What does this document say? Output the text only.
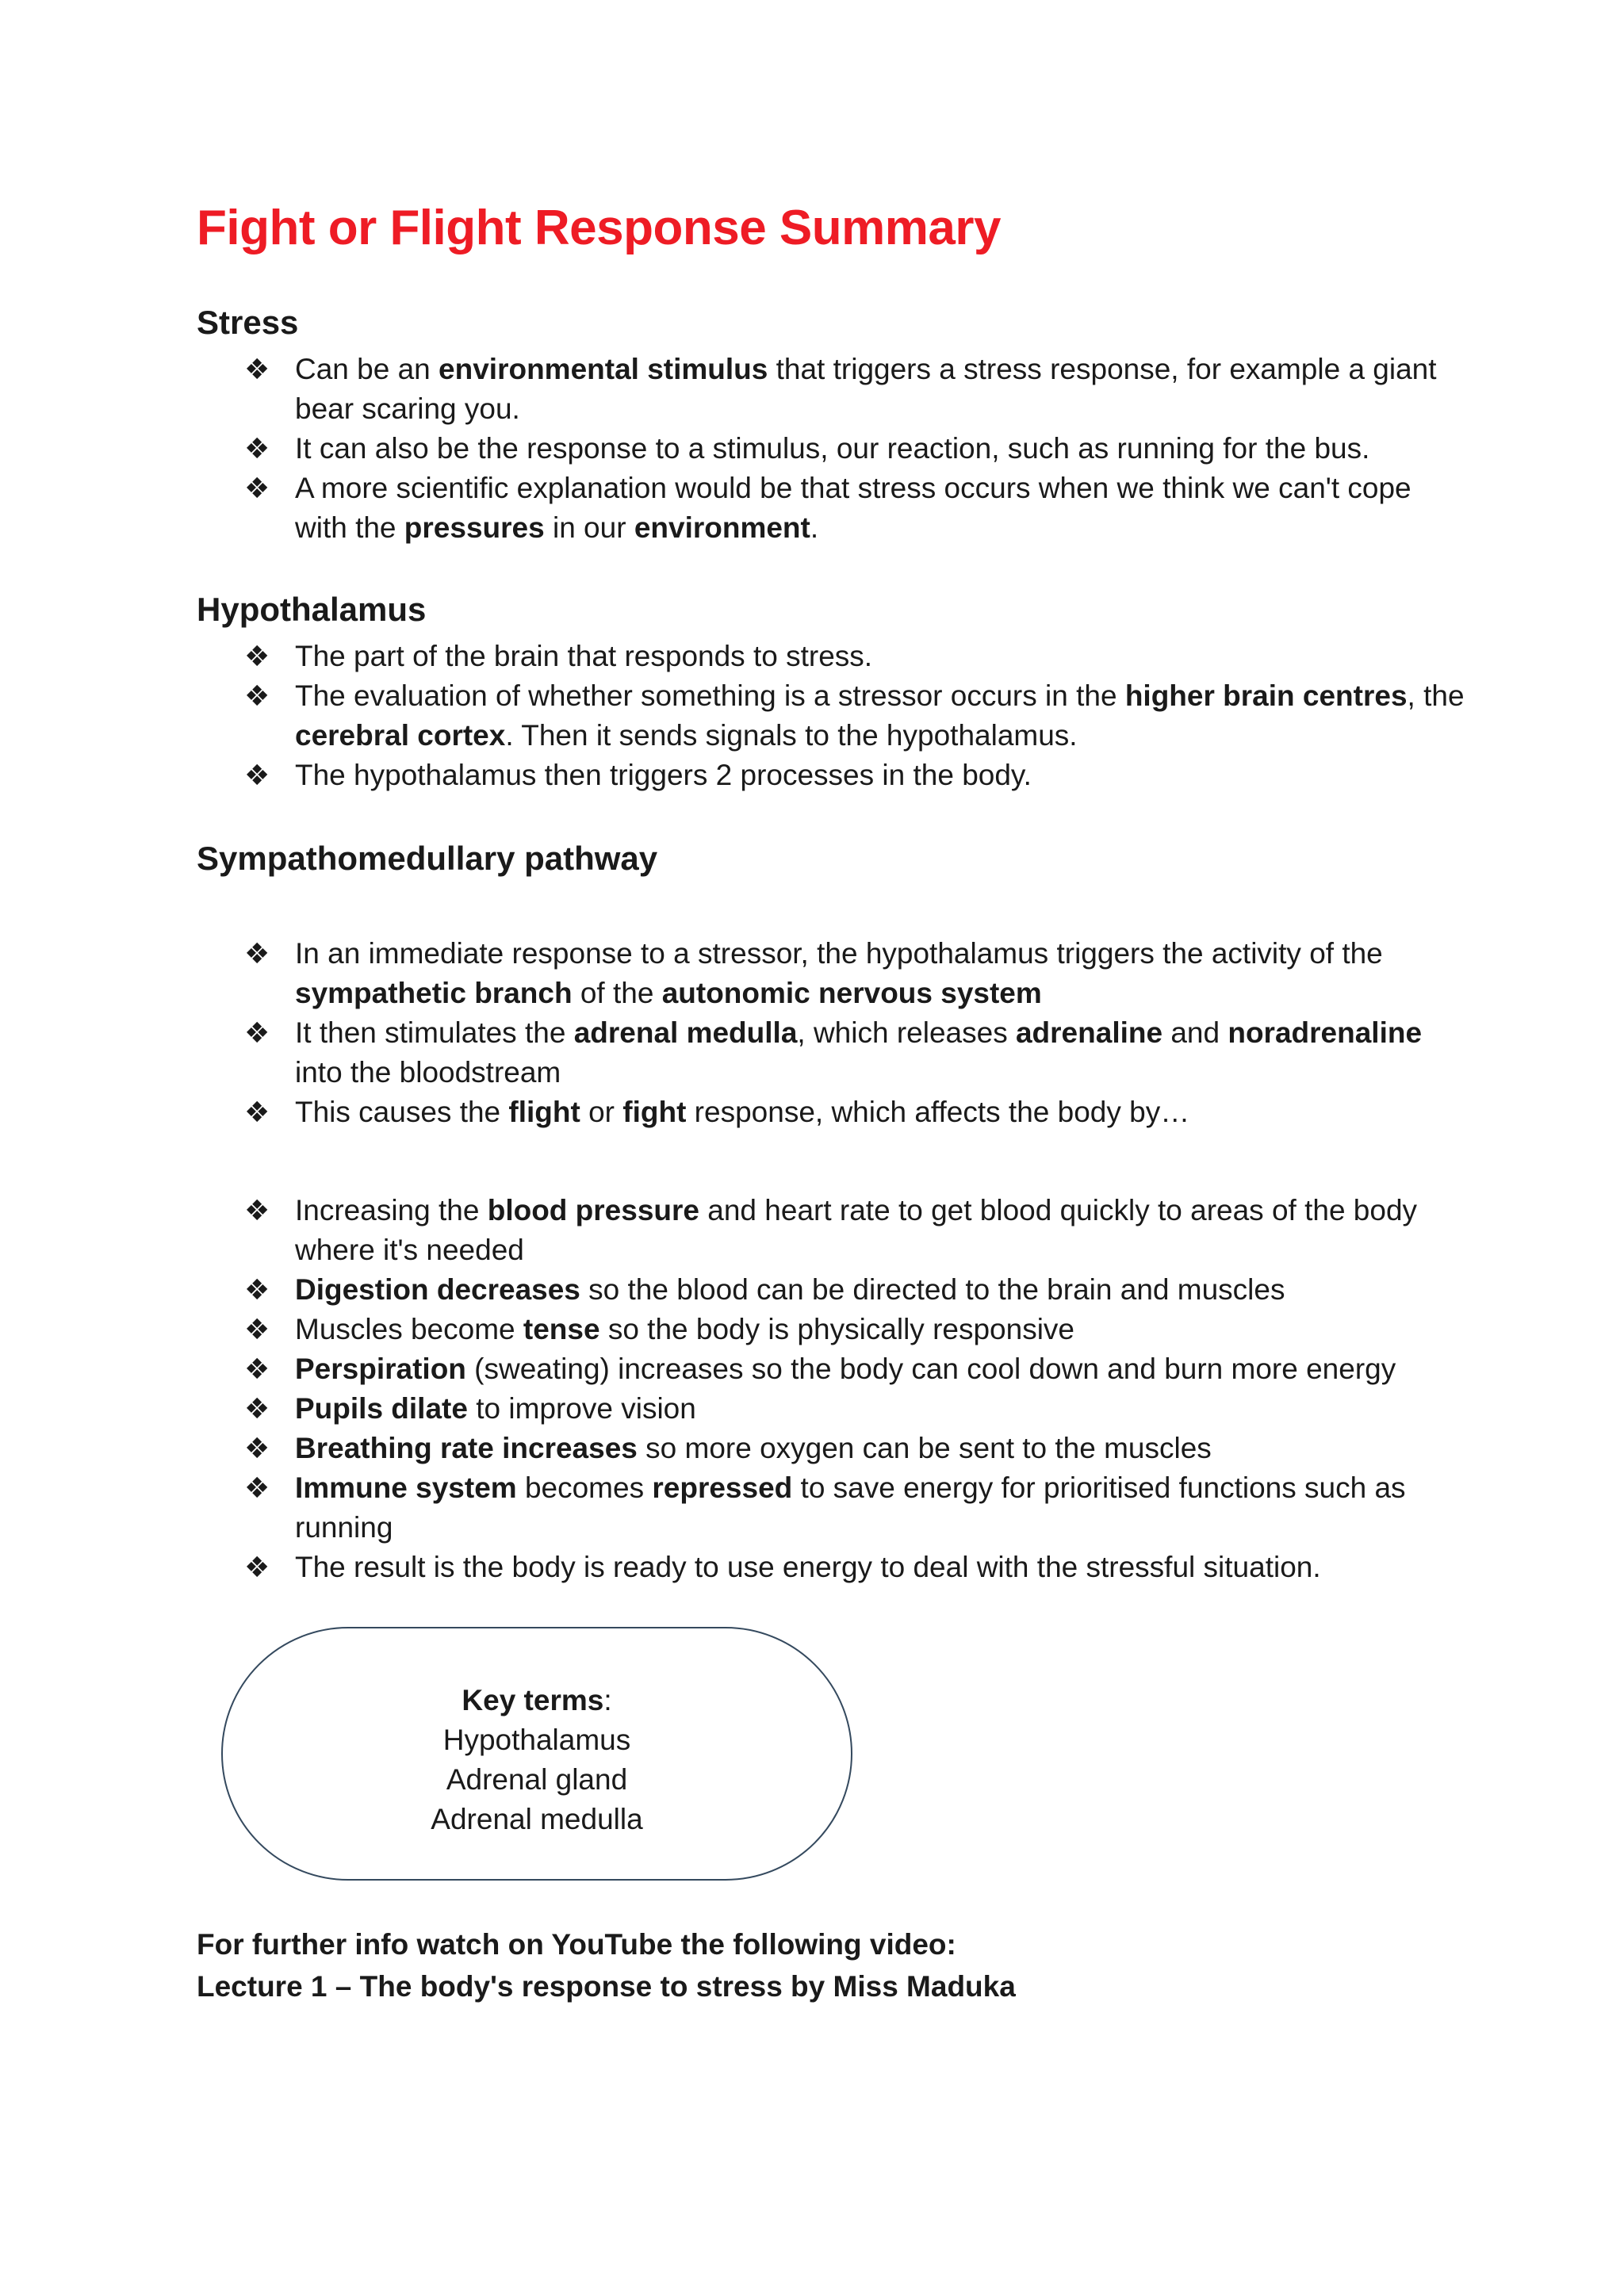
Fight or Flight Response Summary
Stress
❖ Can be an environmental stimulus that triggers a stress response, for example a giant bear scaring you.
❖ It can also be the response to a stimulus, our reaction, such as running for the bus.
❖ A more scientific explanation would be that stress occurs when we think we can't cope with the pressures in our environment.
Hypothalamus
❖ The part of the brain that responds to stress.
❖ The evaluation of whether something is a stressor occurs in the higher brain centres, the cerebral cortex. Then it sends signals to the hypothalamus.
❖ The hypothalamus then triggers 2 processes in the body.
Sympathomedullary pathway
❖ In an immediate response to a stressor, the hypothalamus triggers the activity of the sympathetic branch of the autonomic nervous system
❖ It then stimulates the adrenal medulla, which releases adrenaline and noradrenaline into the bloodstream
❖ This causes the flight or fight response, which affects the body by…
❖ Increasing the blood pressure and heart rate to get blood quickly to areas of the body where it's needed
❖ Digestion decreases so the blood can be directed to the brain and muscles
❖ Muscles become tense so the body is physically responsive
❖ Perspiration (sweating) increases so the body can cool down and burn more energy
❖ Pupils dilate to improve vision
❖ Breathing rate increases so more oxygen can be sent to the muscles
❖ Immune system becomes repressed to save energy for prioritised functions such as running
❖ The result is the body is ready to use energy to deal with the stressful situation.
Key terms:
Hypothalamus
Adrenal gland
Adrenal medulla
For further info watch on YouTube the following video:
Lecture 1 – The body's response to stress by Miss Maduka
